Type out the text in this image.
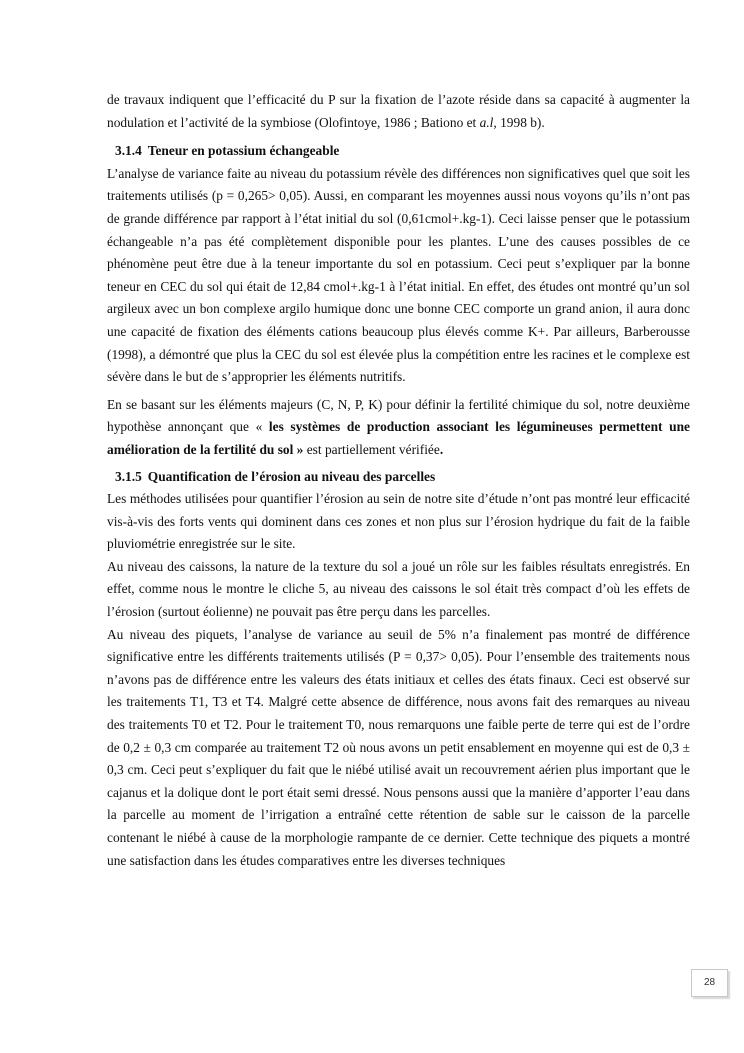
de travaux indiquent que l’efficacité du P sur la fixation de l’azote réside dans sa capacité à augmenter la nodulation et l’activité de la symbiose (Olofintoye, 1986 ; Bationo et a.l, 1998 b).

3.1.4 Teneur en potassium échangeable

L’analyse de variance faite au niveau du potassium révèle des différences non significatives quel que soit les traitements utilisés (p = 0,265> 0,05). Aussi, en comparant les moyennes aussi nous voyons qu’ils n’ont pas de grande différence par rapport à l’état initial du sol (0,61cmol+.kg-1). Ceci laisse penser que le potassium échangeable n’a pas été complètement disponible pour les plantes. L’une des causes possibles de ce phénomène peut être due à la teneur importante du sol en potassium. Ceci peut s’expliquer par la bonne teneur en CEC du sol qui était de 12,84 cmol+.kg-1 à l’état initial. En effet, des études ont montré qu’un sol argileux avec un bon complexe argilo humique donc une bonne CEC comporte un grand anion, il aura donc une capacité de fixation des éléments cations beaucoup plus élevés comme K+. Par ailleurs, Barberousse (1998), a démontré que plus la CEC du sol est élevée plus la compétition entre les racines et le complexe est sévère dans le but de s’approprier les éléments nutritifs.

En se basant sur les éléments majeurs (C, N, P, K) pour définir la fertilité chimique du sol, notre deuxième hypothèse annonçant que « les systèmes de production associant les légumineuses permettent une amélioration de la fertilité du sol » est partiellement vérifiée.

3.1.5 Quantification de l’érosion au niveau des parcelles

Les méthodes utilisées pour quantifier l’érosion au sein de notre site d’étude n’ont pas montré leur efficacité vis-à-vis des forts vents qui dominent dans ces zones et non plus sur l’érosion hydrique du fait de la faible pluviométrie enregistrée sur le site.

Au niveau des caissons, la nature de la texture du sol a joué un rôle sur les faibles résultats enregistrés. En effet, comme nous le montre le cliche 5, au niveau des caissons le sol était très compact d’où les effets de l’érosion (surtout éolienne) ne pouvait pas être perçu dans les parcelles.

Au niveau des piquets, l’analyse de variance au seuil de 5% n’a finalement pas montré de différence significative entre les différents traitements utilisés (P = 0,37> 0,05). Pour l’ensemble des traitements nous n’avons pas de différence entre les valeurs des états initiaux et celles des états finaux. Ceci est observé sur les traitements T1, T3 et T4. Malgré cette absence de différence, nous avons fait des remarques au niveau des traitements T0 et T2. Pour le traitement T0, nous remarquons une faible perte de terre qui est de l’ordre de 0,2 ± 0,3 cm comparée au traitement T2 où nous avons un petit ensablement en moyenne qui est de 0,3 ± 0,3 cm. Ceci peut s’expliquer du fait que le niébé utilisé avait un recouvrement aérien plus important que le cajanus et la dolique dont le port était semi dressé. Nous pensons aussi que la manière d’apporter l’eau dans la parcelle au moment de l’irrigation a entraîné cette rétention de sable sur le caisson de la parcelle contenant le niébé à cause de la morphologie rampante de ce dernier. Cette technique des piquets a montré une satisfaction dans les études comparatives entre les diverses techniques

28
